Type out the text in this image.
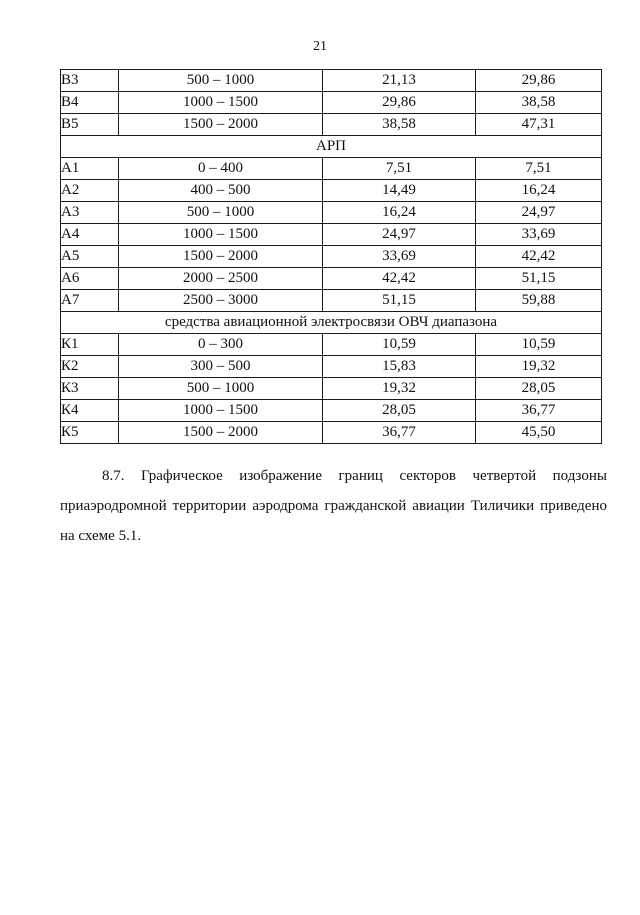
21
В3	500 – 1000	21,13	29,86
В4	1000 – 1500	29,86	38,58
В5	1500 – 2000	38,58	47,31
АРП			
А1	0 – 400	7,51	7,51
А2	400 – 500	14,49	16,24
А3	500 – 1000	16,24	24,97
А4	1000 – 1500	24,97	33,69
А5	1500 – 2000	33,69	42,42
А6	2000 – 2500	42,42	51,15
А7	2500 – 3000	51,15	59,88
средства авиационной электросвязи ОВЧ диапазона			
К1	0 – 300	10,59	10,59
К2	300 – 500	15,83	19,32
К3	500 – 1000	19,32	28,05
К4	1000 – 1500	28,05	36,77
К5	1500 – 2000	36,77	45,50

8.7. Графическое изображение границ секторов четвертой подзоны приаэродромной территории аэродрома гражданской авиации Тиличики приведено на схеме 5.1.
